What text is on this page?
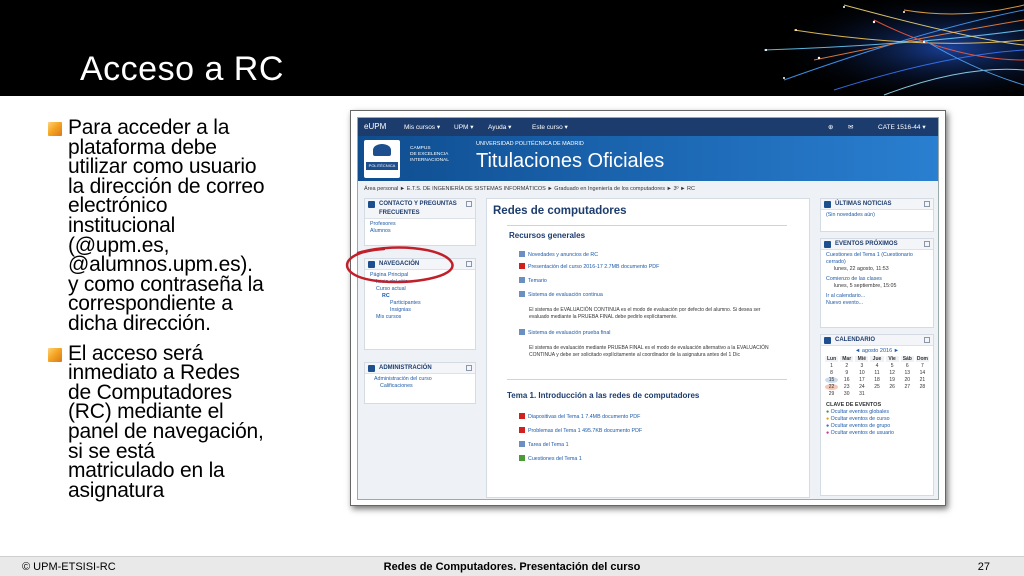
Acceso a RC

Para acceder a la
plataforma debe
utilizar como usuario
la dirección de correo
electrónico
institucional
(@upm.es,
@alumnos.upm.es).
y como contraseña la
correspondiente a
dicha dirección.

El acceso será
inmediato a Redes
de Computadores
(RC) mediante el
panel de navegación,
si se está
matriculado en la
asignatura

eUPM	Mis cursos ▾ UPM ▾ Ayuda ▾	Este curso ▾	⊕ ✉	CATE 1516-44 ▾
POLITÉCNICA
CAMPUS
DE EXCELENCIA
INTERNACIONAL
UNIVERSIDAD POLITÉCNICA DE MADRID
Titulaciones Oficiales
Área personal ► E.T.S. DE INGENIERÍA DE SISTEMAS INFORMÁTICOS ► Graduado en Ingeniería de los computadores ► 3º ► RC
CONTACTO Y PREGUNTAS FRECUENTES
Profesores
Alumnos
NAVEGACIÓN
Página Principal
Inicio del sitio
Curso actual
RC
Participantes
Insignias
Mis cursos
ADMINISTRACIÓN
Administración del curso
Calificaciones
Redes de computadores
Recursos generales
Novedades y anuncios de RC
Presentación del curso 2016-17 2.7MB documento PDF
Temario
Sistema de evaluación continua
El sistema de EVALUACIÓN CONTINUA es el modo de evaluación por defecto del alumno. Si desea ser
evaluado mediante la PRUEBA FINAL debe pedirlo explícitamente.
Sistema de evaluación prueba final
El sistema de evaluación mediante PRUEBA FINAL es el modo de evaluación alternativo a la EVALUACIÓN
CONTINUA y debe ser solicitado explícitamente al coordinador de la asignatura antes del 1 Dic
Tema 1. Introducción a las redes de computadores
Diapositivas del Tema 1 7.4MB documento PDF
Problemas del Tema 1 495.7KB documento PDF
Tarea del Tema 1
Cuestiones del Tema 1
ÚLTIMAS NOTICIAS
(Sin novedades aún)
EVENTOS PRÓXIMOS
Cuestiones del Tema 1 (Cuestionario cerrado)
lunes, 22 agosto, 11:53
Comienzo de las clases
lunes, 5 septiembre, 15:05
Ir al calendario...
Nuevo evento...
CALENDARIO
◄ agosto 2016 ►
Lun	Mar	Mié	Jue	Vie	Sáb	Dom
1	2	3	4	5	6	7
8	9	10	11	12	13	14
15	16	17	18	19	20	21
22	23	24	25	26	27	28
29	30	31
CLAVE DE EVENTOS
● Ocultar eventos globales
● Ocultar eventos de curso
● Ocultar eventos de grupo
● Ocultar eventos de usuario
© UPM-ETSISI-RC	Redes de Computadores. Presentación del curso	27
